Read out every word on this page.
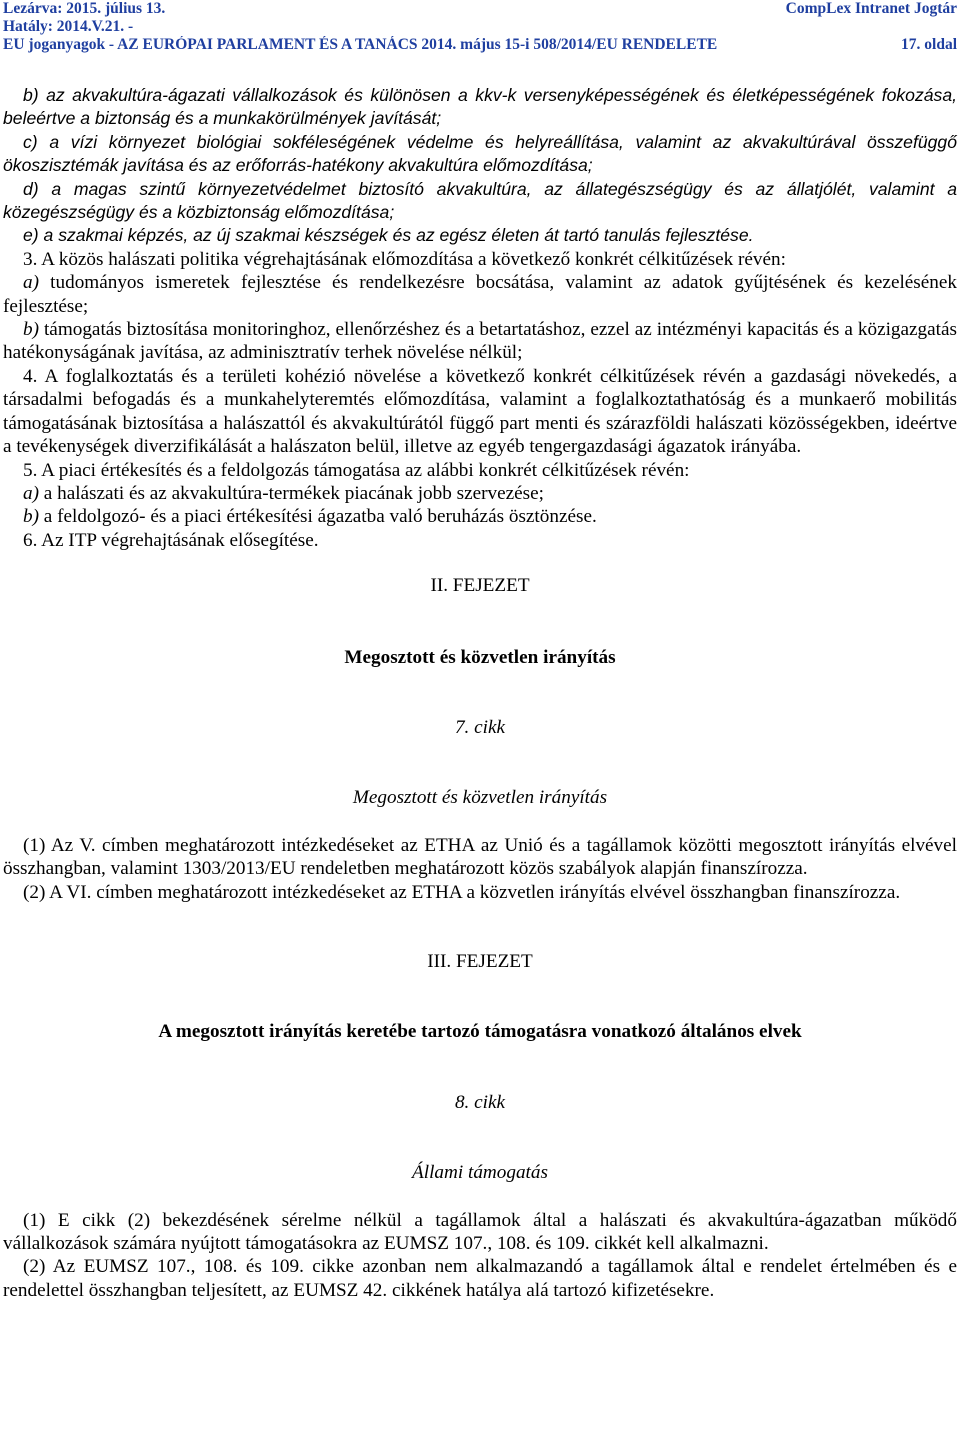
Lezárva: 2015. július 13.	CompLex Intranet Jogtár
Hatály: 2014.V.21. -
EU joganyagok - AZ EURÓPAI PARLAMENT ÉS A TANÁCS 2014. május 15-i 508/2014/EU RENDELETE	17. oldal

b) az akvakultúra-ágazati vállalkozások és különösen a kkv-k versenyképességének és életképességének fokozása, beleértve a biztonság és a munkakörülmények javítását;

c) a vízi környezet biológiai sokféleségének védelme és helyreállítása, valamint az akvakultúrával összefüggő ökoszisztémák javítása és az erőforrás-hatékony akvakultúra előmozdítása;

d) a magas szintű környezetvédelmet biztosító akvakultúra, az állategészségügy és az állatjólét, valamint a közegészségügy és a közbiztonság előmozdítása;

e) a szakmai képzés, az új szakmai készségek és az egész életen át tartó tanulás fejlesztése.

3. A közös halászati politika végrehajtásának előmozdítása a következő konkrét célkitűzések révén:

a) tudományos ismeretek fejlesztése és rendelkezésre bocsátása, valamint az adatok gyűjtésének és kezelésének fejlesztése;

b) támogatás biztosítása monitoringhoz, ellenőrzéshez és a betartatáshoz, ezzel az intézményi kapacitás és a közigazgatás hatékonyságának javítása, az adminisztratív terhek növelése nélkül;

4. A foglalkoztatás és a területi kohézió növelése a következő konkrét célkitűzések révén a gazdasági növekedés, a társadalmi befogadás és a munkahelyteremtés előmozdítása, valamint a foglalkoztathatóság és a munkaerő mobilitás támogatásának biztosítása a halászattól és akvakultúrától függő part menti és szárazföldi halászati közösségekben, ideértve a tevékenységek diverzifikálását a halászaton belül, illetve az egyéb tengergazdasági ágazatok irányába.

5. A piaci értékesítés és a feldolgozás támogatása az alábbi konkrét célkitűzések révén:

a) a halászati és az akvakultúra-termékek piacának jobb szervezése;

b) a feldolgozó- és a piaci értékesítési ágazatba való beruházás ösztönzése.

6. Az ITP végrehajtásának elősegítése.

II. FEJEZET

Megosztott és közvetlen irányítás

7. cikk

Megosztott és közvetlen irányítás

(1) Az V. címben meghatározott intézkedéseket az ETHA az Unió és a tagállamok közötti megosztott irányítás elvével összhangban, valamint 1303/2013/EU rendeletben meghatározott közös szabályok alapján finanszírozza.

(2) A VI. címben meghatározott intézkedéseket az ETHA a közvetlen irányítás elvével összhangban finanszírozza.

III. FEJEZET

A megosztott irányítás keretébe tartozó támogatásra vonatkozó általános elvek

8. cikk

Állami támogatás

(1) E cikk (2) bekezdésének sérelme nélkül a tagállamok által a halászati és akvakultúra-ágazatban működő vállalkozások számára nyújtott támogatásokra az EUMSZ 107., 108. és 109. cikkét kell alkalmazni.

(2) Az EUMSZ 107., 108. és 109. cikke azonban nem alkalmazandó a tagállamok által e rendelet értelmében és e rendelettel összhangban teljesített, az EUMSZ 42. cikkének hatálya alá tartozó kifizetésekre.
